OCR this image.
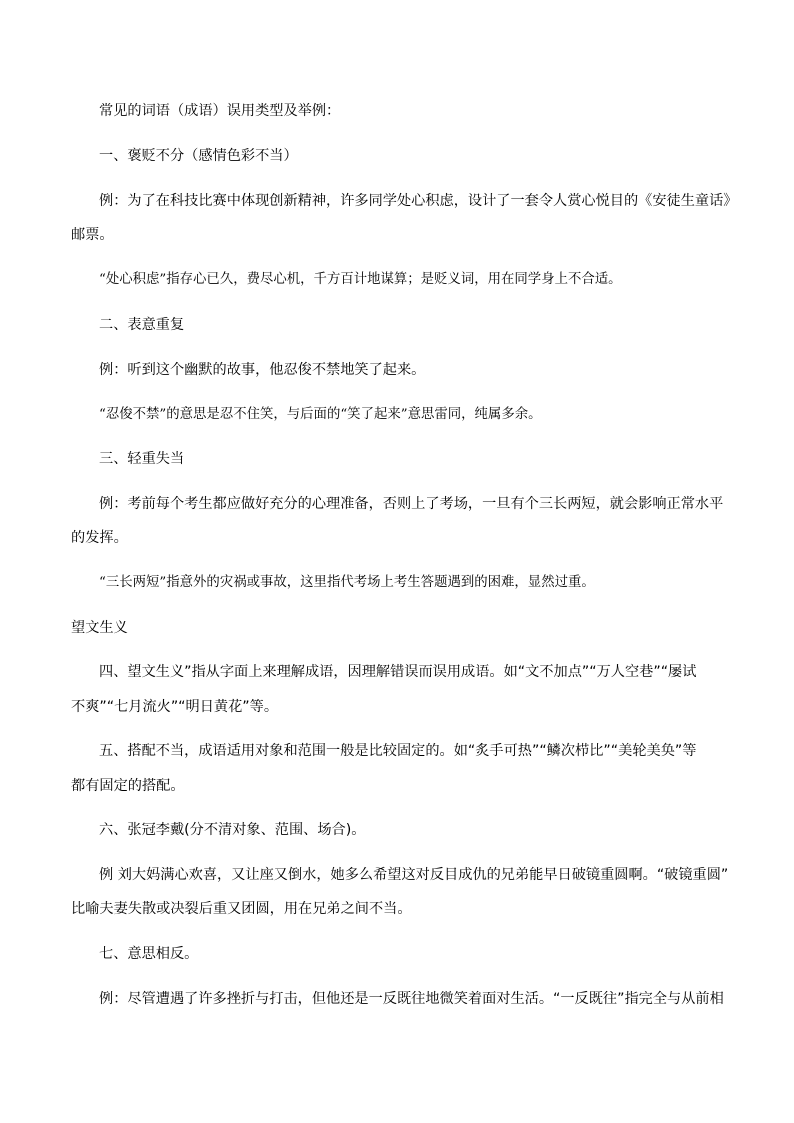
常见的词语（成语）误用类型及举例：

一、褒贬不分（感情色彩不当）

例：为了在科技比赛中体现创新精神，许多同学处心积虑，设计了一套令人赏心悦目的《安徒生童话》

邮票。

“处心积虑”指存心已久，费尽心机，千方百计地谋算；是贬义词，用在同学身上不合适。

二、表意重复

例：听到这个幽默的故事，他忍俊不禁地笑了起来。

“忍俊不禁”的意思是忍不住笑，与后面的“笑了起来”意思雷同，纯属多余。

三、轻重失当

例：考前每个考生都应做好充分的心理准备，否则上了考场，一旦有个三长两短，就会影响正常水平

的发挥。

“三长两短”指意外的灾祸或事故，这里指代考场上考生答题遇到的困难，显然过重。

望文生义

四、望文生义”指从字面上来理解成语，因理解错误而误用成语。如“文不加点”“万人空巷”“屡试

不爽”“七月流火”“明日黄花”等。

五、搭配不当，成语适用对象和范围一般是比较固定的。如“炙手可热”“鳞次栉比”“美轮美奂”等

都有固定的搭配。

六、张冠李戴(分不清对象、范围、场合)。

例 刘大妈满心欢喜，又让座又倒水，她多么希望这对反目成仇的兄弟能早日破镜重圆啊。“破镜重圆”

比喻夫妻失散或决裂后重又团圆，用在兄弟之间不当。

七、意思相反。

例：尽管遭遇了许多挫折与打击，但他还是一反既往地微笑着面对生活。“一反既往”指完全与从前相
